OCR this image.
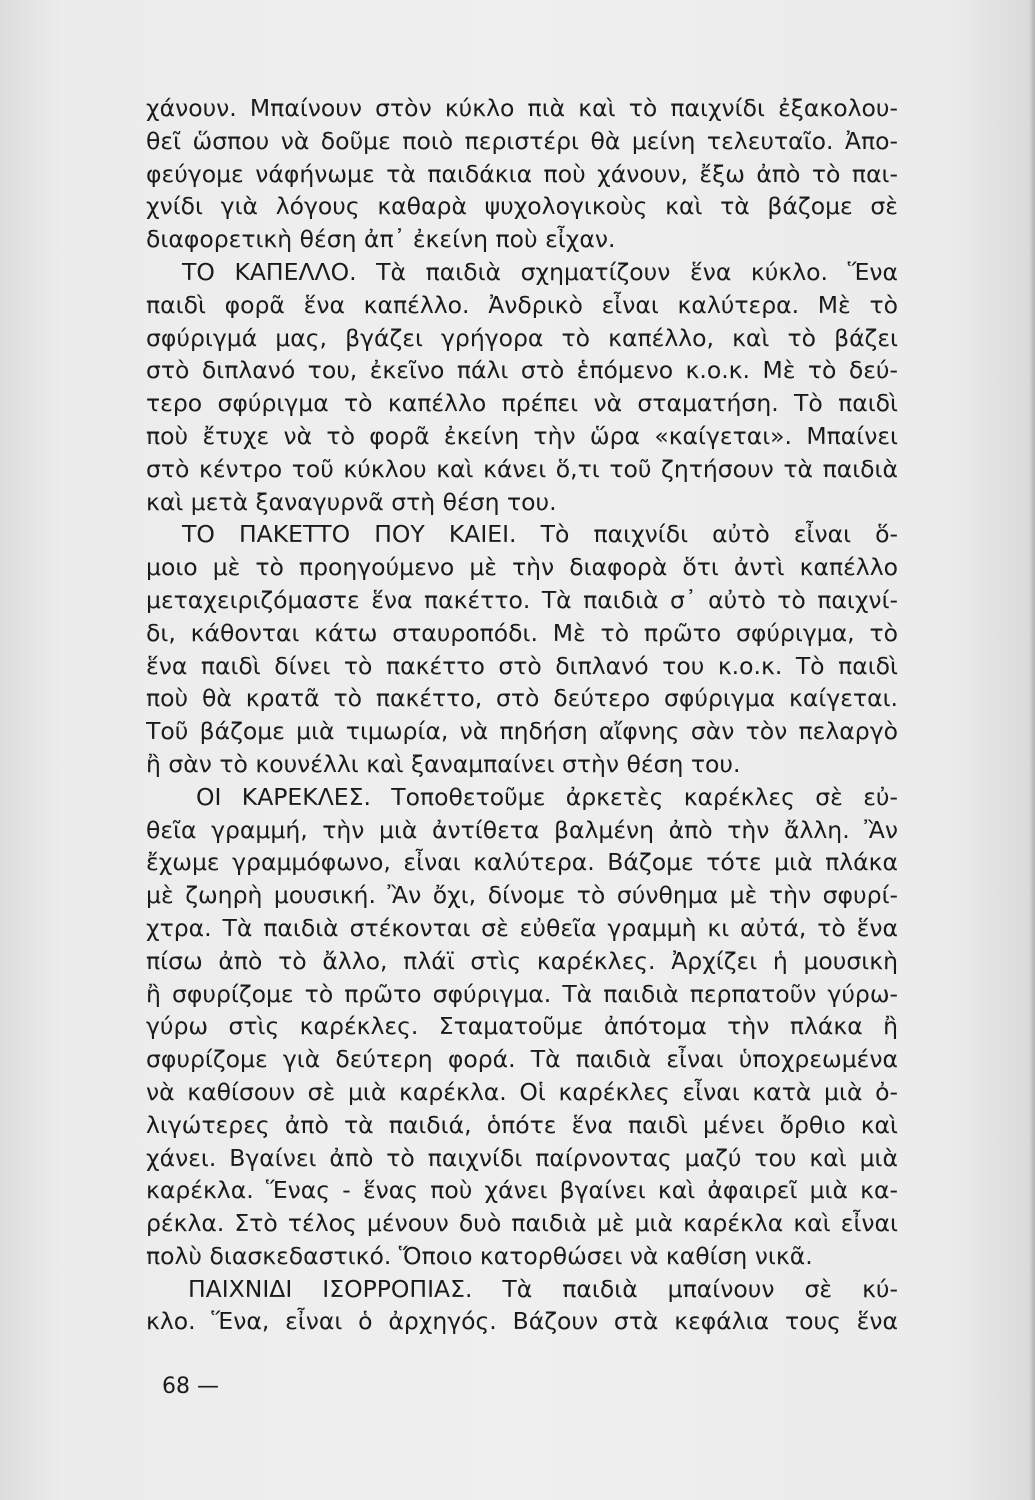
χάνουν. Μπαίνουν στὸν κύκλο πιὰ καὶ τὸ παιχνίδι ἐξακολου-
θεῖ ὥσπου νὰ δοῦμε ποιὸ περιστέρι θὰ μείνη τελευταῖο. Ἀπο-
φεύγομε νάφήνωμε τὰ παιδάκια ποὺ χάνουν, ἔξω ἀπὸ τὸ παι-
χνίδι γιὰ λόγους καθαρὰ ψυχολογικοὺς καὶ τὰ βάζομε σὲ
διαφορετικὴ θέση ἀπ᾽ ἐκείνη ποὺ εἶχαν.
ΤΟ ΚΑΠΕΛΛΟ. Τὰ παιδιὰ σχηματίζουν ἕνα κύκλο. Ἕνα
παιδὶ φορᾶ ἕνα καπέλλο. Ἀνδρικὸ εἶναι καλύτερα. Μὲ τὸ
σφύριγμά μας, βγάζει γρήγορα τὸ καπέλλο, καὶ τὸ βάζει
στὸ διπλανό του, ἐκεῖνο πάλι στὸ ἑπόμενο κ.ο.κ. Μὲ τὸ δεύ-
τερο σφύριγμα τὸ καπέλλο πρέπει νὰ σταματήση. Τὸ παιδὶ
ποὺ ἔτυχε νὰ τὸ φορᾶ ἐκείνη τὴν ὥρα «καίγεται». Μπαίνει
στὸ κέντρο τοῦ κύκλου καὶ κάνει ὅ,τι τοῦ ζητήσουν τὰ παιδιὰ
καὶ μετὰ ξαναγυρνᾶ στὴ θέση του.
ΤΟ ΠΑΚΕΤΤΟ ΠΟΥ ΚΑΙΕΙ. Τὸ παιχνίδι αὐτὸ εἶναι ὅ-
μοιο μὲ τὸ προηγούμενο μὲ τὴν διαφορὰ ὅτι ἀντὶ καπέλλο
μεταχειριζόμαστε ἕνα πακέττο. Τὰ παιδιὰ σ᾽ αὐτὸ τὸ παιχνί-
δι, κάθονται κάτω σταυροπόδι. Μὲ τὸ πρῶτο σφύριγμα, τὸ
ἕνα παιδὶ δίνει τὸ πακέττο στὸ διπλανό του κ.ο.κ. Τὸ παιδὶ
ποὺ θὰ κρατᾶ τὸ πακέττο, στὸ δεύτερο σφύριγμα καίγεται.
Τοῦ βάζομε μιὰ τιμωρία, νὰ πηδήση αἴφνης σὰν τὸν πελαργὸ
ἢ σὰν τὸ κουνέλλι καὶ ξαναμπαίνει στὴν θέση του.
ΟΙ ΚΑΡΕΚΛΕΣ. Τοποθετοῦμε ἀρκετὲς καρέκλες σὲ εὐ-
θεῖα γραμμή, τὴν μιὰ ἀντίθετα βαλμένη ἀπὸ τὴν ἄλλη. Ἂν
ἔχωμε γραμμόφωνο, εἶναι καλύτερα. Βάζομε τότε μιὰ πλάκα
μὲ ζωηρὴ μουσική. Ἂν ὄχι, δίνομε τὸ σύνθημα μὲ τὴν σφυρί-
χτρα. Τὰ παιδιὰ στέκονται σὲ εὐθεῖα γραμμὴ κι αὐτά, τὸ ἕνα
πίσω ἀπὸ τὸ ἄλλο, πλάϊ στὶς καρέκλες. Ἀρχίζει ἡ μουσικὴ
ἢ σφυρίζομε τὸ πρῶτο σφύριγμα. Τὰ παιδιὰ περπατοῦν γύρω-
γύρω στὶς καρέκλες. Σταματοῦμε ἀπότομα τὴν πλάκα ἢ
σφυρίζομε γιὰ δεύτερη φορά. Τὰ παιδιὰ εἶναι ὑποχρεωμένα
νὰ καθίσουν σὲ μιὰ καρέκλα. Οἱ καρέκλες εἶναι κατὰ μιὰ ὀ-
λιγώτερες ἀπὸ τὰ παιδιά, ὁπότε ἕνα παιδὶ μένει ὄρθιο καὶ
χάνει. Βγαίνει ἀπὸ τὸ παιχνίδι παίρνοντας μαζύ του καὶ μιὰ
καρέκλα. Ἕνας - ἕνας ποὺ χάνει βγαίνει καὶ ἀφαιρεῖ μιὰ κα-
ρέκλα. Στὸ τέλος μένουν δυὸ παιδιὰ μὲ μιὰ καρέκλα καὶ εἶναι
πολὺ διασκεδαστικό. Ὅποιο κατορθώσει νὰ καθίση νικᾶ.
ΠΑΙΧΝΙΔΙ ΙΣΟΡΡΟΠΙΑΣ. Τὰ παιδιὰ μπαίνουν σὲ κύ-
κλο. Ἕνα, εἶναι ὁ ἀρχηγός. Βάζουν στὰ κεφάλια τους ἕνα
68 —
